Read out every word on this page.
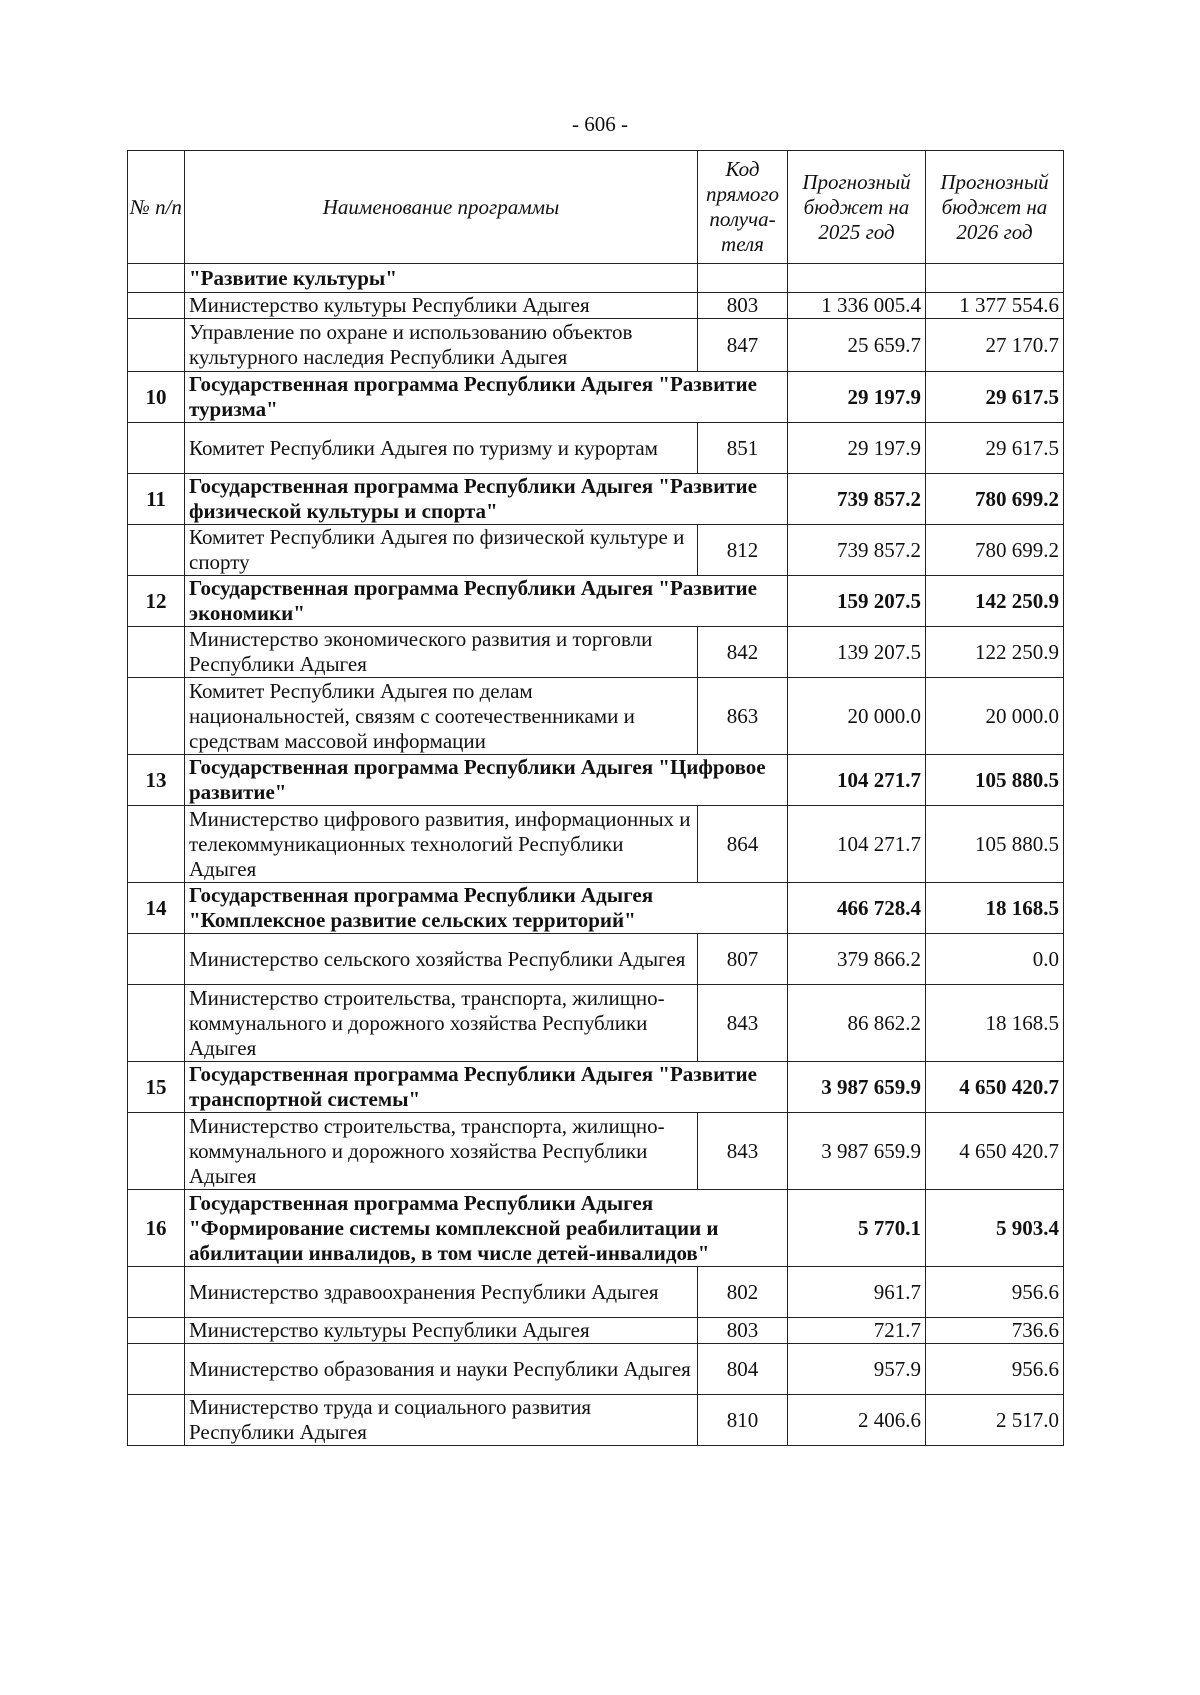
- 606 -
№ п/п	Наименование программы	Код прямого получа-теля	Прогнозный бюджет на 2025 год	Прогнозный бюджет на 2026 год
	"Развитие культуры"			
	Министерство культуры Республики Адыгея	803	1 336 005.4	1 377 554.6
	Управление по охране и использованию объектов культурного наследия Республики Адыгея	847	25 659.7	27 170.7
10	Государственная программа Республики Адыгея "Развитие туризма"		29 197.9	29 617.5
	Комитет Республики Адыгея по туризму и курортам	851	29 197.9	29 617.5
11	Государственная программа Республики Адыгея "Развитие физической культуры и спорта"		739 857.2	780 699.2
	Комитет Республики Адыгея по физической культуре и спорту	812	739 857.2	780 699.2
12	Государственная программа Республики Адыгея "Развитие экономики"		159 207.5	142 250.9
	Министерство экономического развития и торговли Республики Адыгея	842	139 207.5	122 250.9
	Комитет Республики Адыгея по делам национальностей, связям с соотечественниками и средствам массовой информации	863	20 000.0	20 000.0
13	Государственная программа Республики Адыгея "Цифровое развитие"		104 271.7	105 880.5
	Министерство цифрового развития, информационных и телекоммуникационных технологий Республики Адыгея	864	104 271.7	105 880.5
14	Государственная программа Республики Адыгея "Комплексное развитие сельских территорий"		466 728.4	18 168.5
	Министерство сельского хозяйства Республики Адыгея	807	379 866.2	0.0
	Министерство строительства, транспорта, жилищно-коммунального и дорожного хозяйства Республики Адыгея	843	86 862.2	18 168.5
15	Государственная программа Республики Адыгея "Развитие транспортной системы"		3 987 659.9	4 650 420.7
	Министерство строительства, транспорта, жилищно-коммунального и дорожного хозяйства Республики Адыгея	843	3 987 659.9	4 650 420.7
16	Государственная программа Республики Адыгея "Формирование системы комплексной реабилитации и абилитации инвалидов, в том числе детей-инвалидов"		5 770.1	5 903.4
	Министерство здравоохранения Республики Адыгея	802	961.7	956.6
	Министерство культуры Республики Адыгея	803	721.7	736.6
	Министерство образования и науки Республики Адыгея	804	957.9	956.6
	Министерство труда и социального развития Республики Адыгея	810	2 406.6	2 517.0
